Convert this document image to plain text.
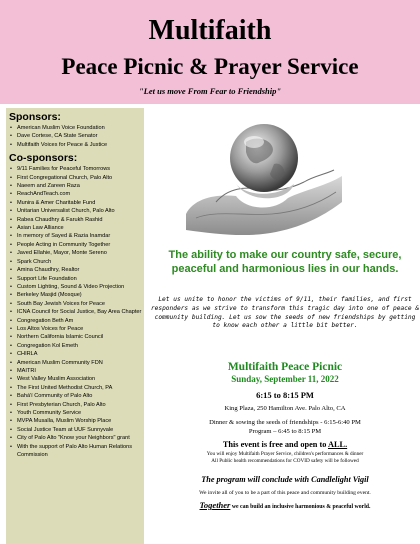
Multifaith
Peace Picnic & Prayer Service
"Let us move From Fear to Friendship"
Sponsors:
• American Muslim Voice Foundation
• Dave Cortese, CA State Senator
• Multifaith Voices for Peace & Justice
Co-sponsors:
• 9/11 Families for Peaceful Tomorrows
• First Congregational Church, Palo Alto
• Naeem and Zareen Raza
• ReachAndTeach.com
• Munira & Amer Charitable Fund
• Unitarian Universalist Church, Palo Alto
• Rabea Chaudhry & Farukh Rashid
• Asian Law Alliance
• In memory of Sayed & Razia Inamdar
• People Acting in Community Together
• Javed Ellahie, Mayor, Monte Sereno
• Spark Church
• Amina Chaudhry, Realtor
• Support Life Foundation
• Custom Lighting, Sound & Video Projection
• Berkeley Masjid (Mosque)
• South Bay Jewish Voices for Peace
• ICNA Council for Social Justice, Bay Area Chapter
• Congregation Beth Am
• Los Altos Voices for Peace
• Northern California Islamic Council
• Congregation Kol Emeth
• CHIRLA
• American Muslim Community FDN
• MAITRI
• West Valley Muslim Association
• The First United Methodist Church, PA
• Bahá'í Community of Palo Alto
• First Presbyterian Church, Palo Alto
• Youth Community Service
• MVPA Musalla, Muslim Worship Place
• Social Justice Team at UUF Sunnyvale
• City of Palo Alto "Know your Neighbors" grant
• With the support of Palo Alto Human Relations Commission
The ability to make our country safe, secure, peaceful and harmonious lies in our hands.
Let us unite to honor the victims of 9/11, their families, and first responders as we strive to transform this tragic day into one of peace & community building. Let us sow the seeds of new friendships by getting to know each other a little bit better.
Multifaith Peace Picnic
Sunday, September 11, 2022
6:15 to 8:15 PM
King Plaza, 250 Hamilton Ave. Palo Alto, CA
Dinner & sowing the seeds of friendships - 6:15-6:40 PM
Program – 6:45 to 8:15 PM
This event is free and open to ALL.
You will enjoy Multifaith Prayer Service, children's performances & dinner
All Public health recommendations for COVID safety will be followed
The program will conclude with Candlelight Vigil
We invite all of you to be a part of this peace and community building event.
Together we can build an inclusive harmonious & peaceful world.
